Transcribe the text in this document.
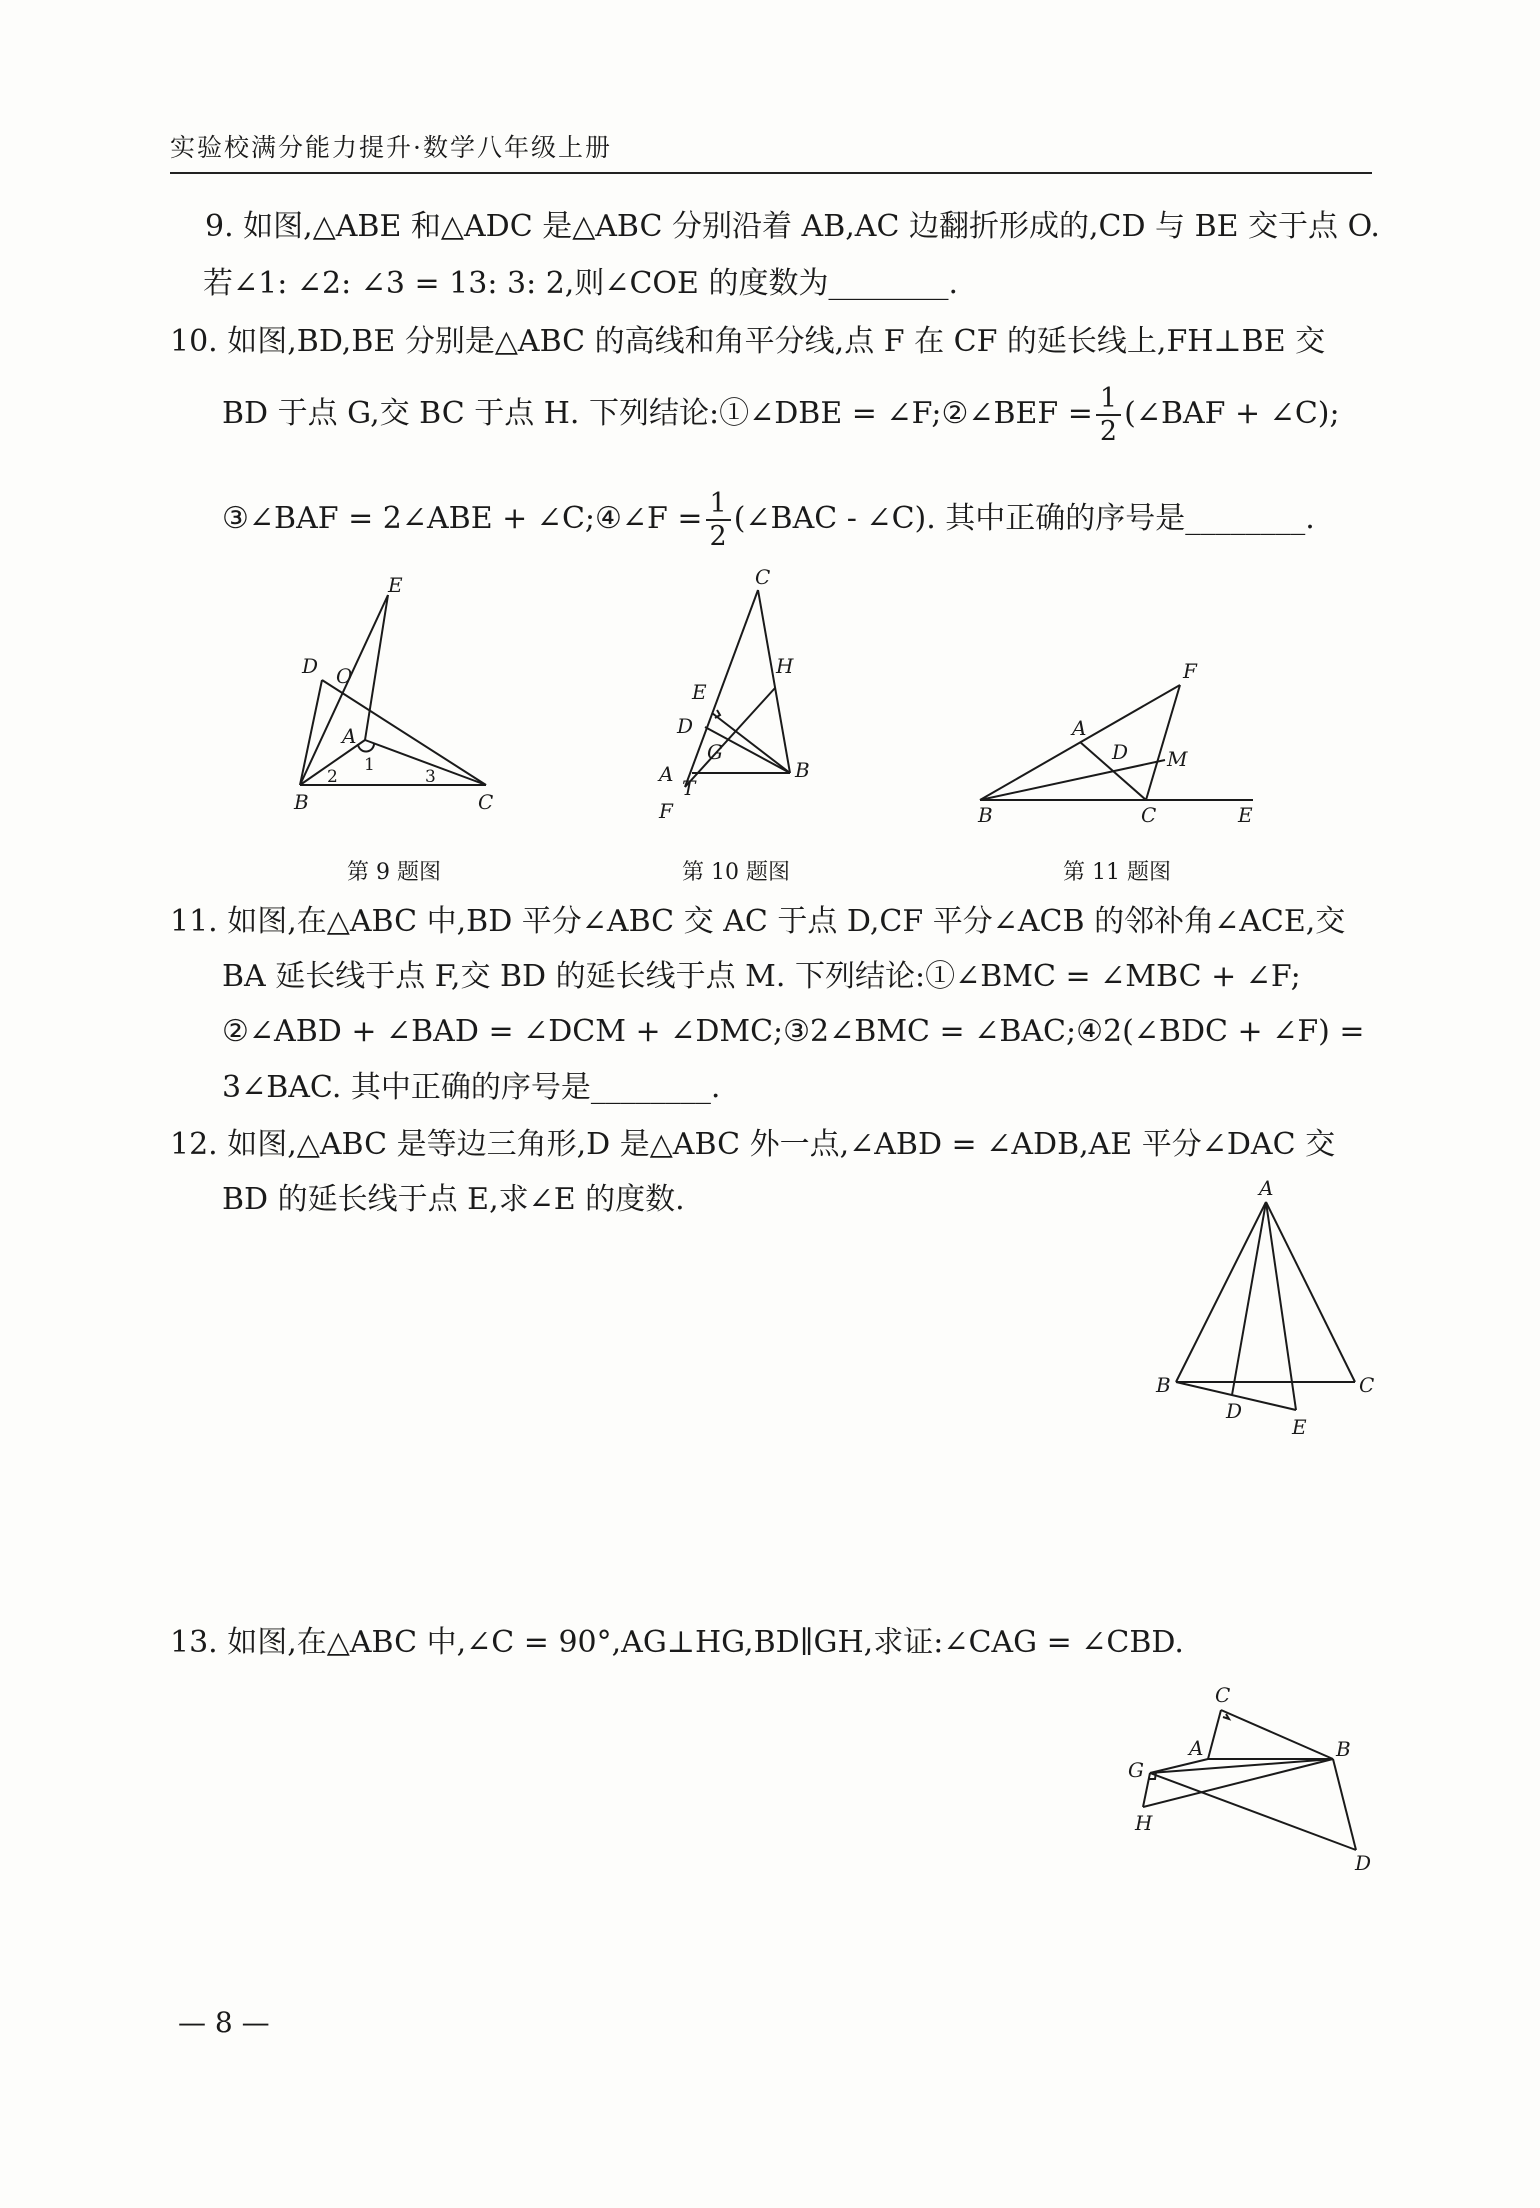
实验校满分能力提升·数学八年级上册
9. 如图,△ABE 和△ADC 是△ABC 分别沿着 AB,AC 边翻折形成的,CD 与 BE 交于点 O.
若∠1: ∠2: ∠3 = 13: 3: 2,则∠COE 的度数为________.
10. 如图,BD,BE 分别是△ABC 的高线和角平分线,点 F 在 CF 的延长线上,FH⊥BE 交
BD 于点 G,交 BC 于点 H. 下列结论:①∠DBE = ∠F;②∠BEF = $\frac{1}{2}$ (∠BAF + ∠C);
③∠BAF = 2∠ABE + ∠C;④∠F = $\frac{1}{2}$ (∠BAC - ∠C). 其中正确的序号是________.
E
D O
A
1
2	3
B	C
第 9 题图
C
H
E
D
G
A
T
F
B
第 10 题图
F
A
D M
B	C	E
第 11 题图
11. 如图,在△ABC 中,BD 平分∠ABC 交 AC 于点 D,CF 平分∠ACB 的邻补角∠ACE,交
BA 延长线于点 F,交 BD 的延长线于点 M. 下列结论:①∠BMC = ∠MBC + ∠F;
②∠ABD + ∠BAD = ∠DCM + ∠DMC;③2∠BMC = ∠BAC;④2(∠BDC + ∠F) =
3∠BAC. 其中正确的序号是________.
12. 如图,△ABC 是等边三角形,D 是△ABC 外一点,∠ABD = ∠ADB,AE 平分∠DAC 交
BD 的延长线于点 E,求∠E 的度数.	A
B	C
D
E
13. 如图,在△ABC 中,∠C = 90°,AG⊥HG,BD∥GH,求证:∠CAG = ∠CBD.
C
A	B
G
H
D
— 8 —
